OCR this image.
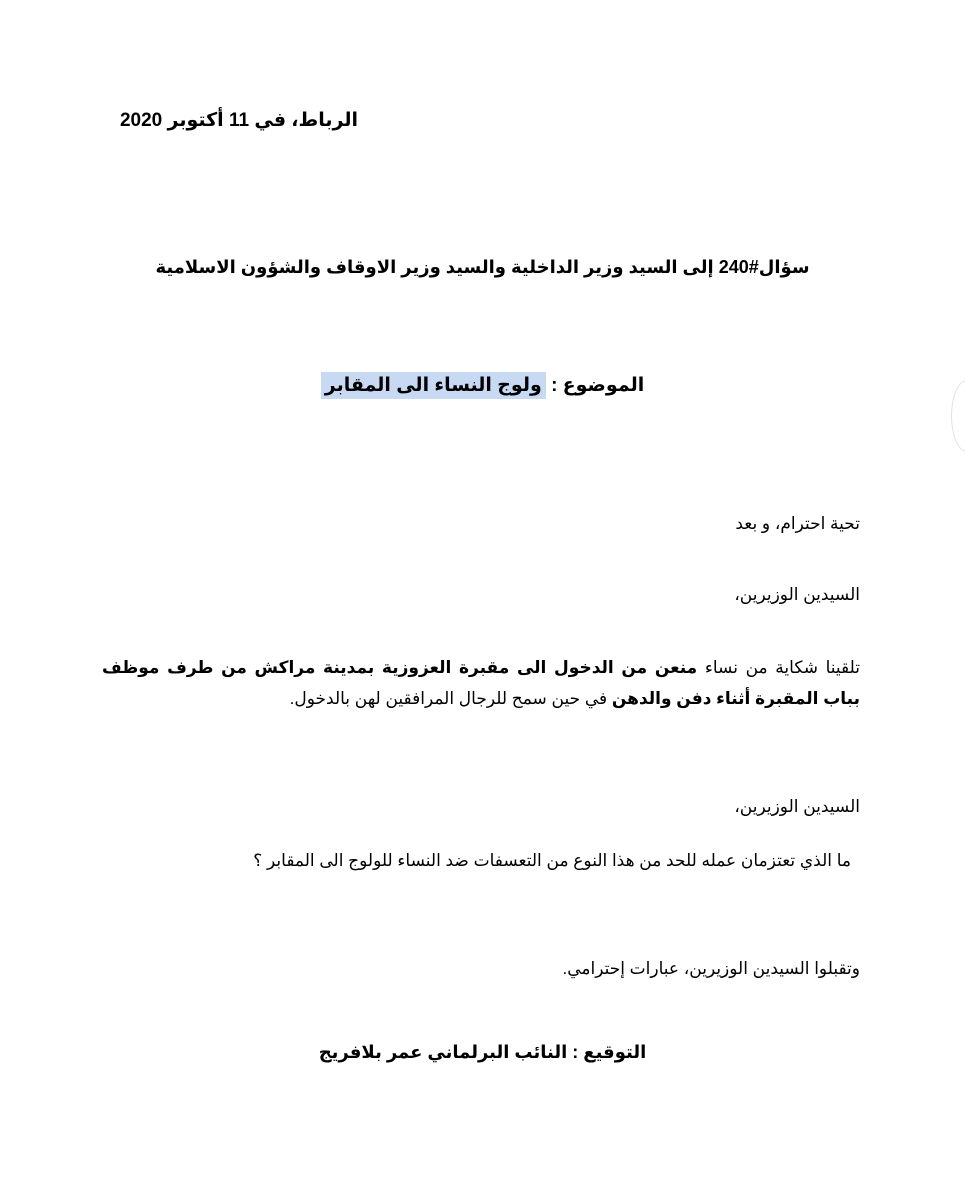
الرباط، في 11 أكتوبر 2020
سؤال#240 إلى السيد وزير الداخلية والسيد وزير الاوقاف والشؤون الاسلامية
الموضوع : ولوج النساء الى المقابر
تحية احترام، و بعد
السيدين الوزيرين،
تلقينا شكاية من نساء منعن من الدخول الى مقبرة العزوزية بمدينة مراكش من طرف موظف بباب المقبرة أثناء دفن والدهن في حين سمح للرجال المرافقين لهن بالدخول.
السيدين الوزيرين،
ما الذي تعتزمان عمله للحد من هذا النوع من التعسفات ضد النساء للولوج الى المقابر ؟
وتقبلوا السيدين الوزيرين، عبارات إحترامي.
التوقيع : النائب البرلماني عمر بلافريج
